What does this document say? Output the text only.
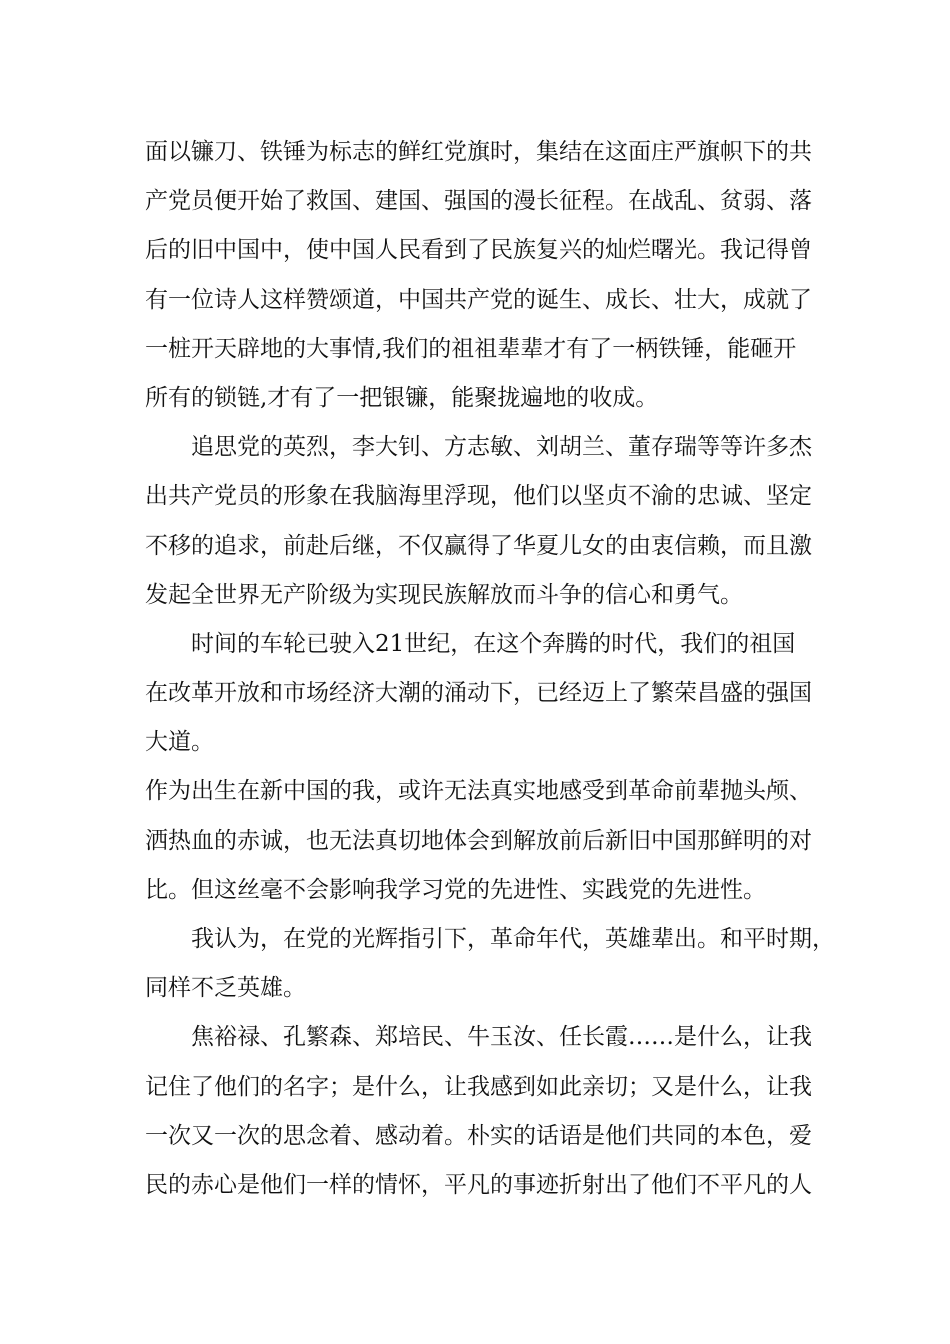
面以镰刀、铁锤为标志的鲜红党旗时，集结在这面庄严旗帜下的共
产党员便开始了救国、建国、强国的漫长征程。在战乱、贫弱、落
后的旧中国中，使中国人民看到了民族复兴的灿烂曙光。我记得曾
有一位诗人这样赞颂道，中国共产党的诞生、成长、壮大，成就了
一桩开天辟地的大事情,我们的祖祖辈辈才有了一柄铁锤，能砸开
所有的锁链,才有了一把银镰，能聚拢遍地的收成。
追思党的英烈，李大钊、方志敏、刘胡兰、董存瑞等等许多杰
出共产党员的形象在我脑海里浮现，他们以坚贞不渝的忠诚、坚定
不移的追求，前赴后继，不仅赢得了华夏儿女的由衷信赖，而且激
发起全世界无产阶级为实现民族解放而斗争的信心和勇气。
时间的车轮已驶入21世纪，在这个奔腾的时代，我们的祖国
在改革开放和市场经济大潮的涌动下，已经迈上了繁荣昌盛的强国
大道。
作为出生在新中国的我，或许无法真实地感受到革命前辈抛头颅、
洒热血的赤诚，也无法真切地体会到解放前后新旧中国那鲜明的对
比。但这丝毫不会影响我学习党的先进性、实践党的先进性。
我认为，在党的光辉指引下，革命年代，英雄辈出。和平时期，
同样不乏英雄。
焦裕禄、孔繁森、郑培民、牛玉汝、任长霞……是什么，让我
记住了他们的名字；是什么，让我感到如此亲切；又是什么，让我
一次又一次的思念着、感动着。朴实的话语是他们共同的本色，爱
民的赤心是他们一样的情怀，平凡的事迹折射出了他们不平凡的人
